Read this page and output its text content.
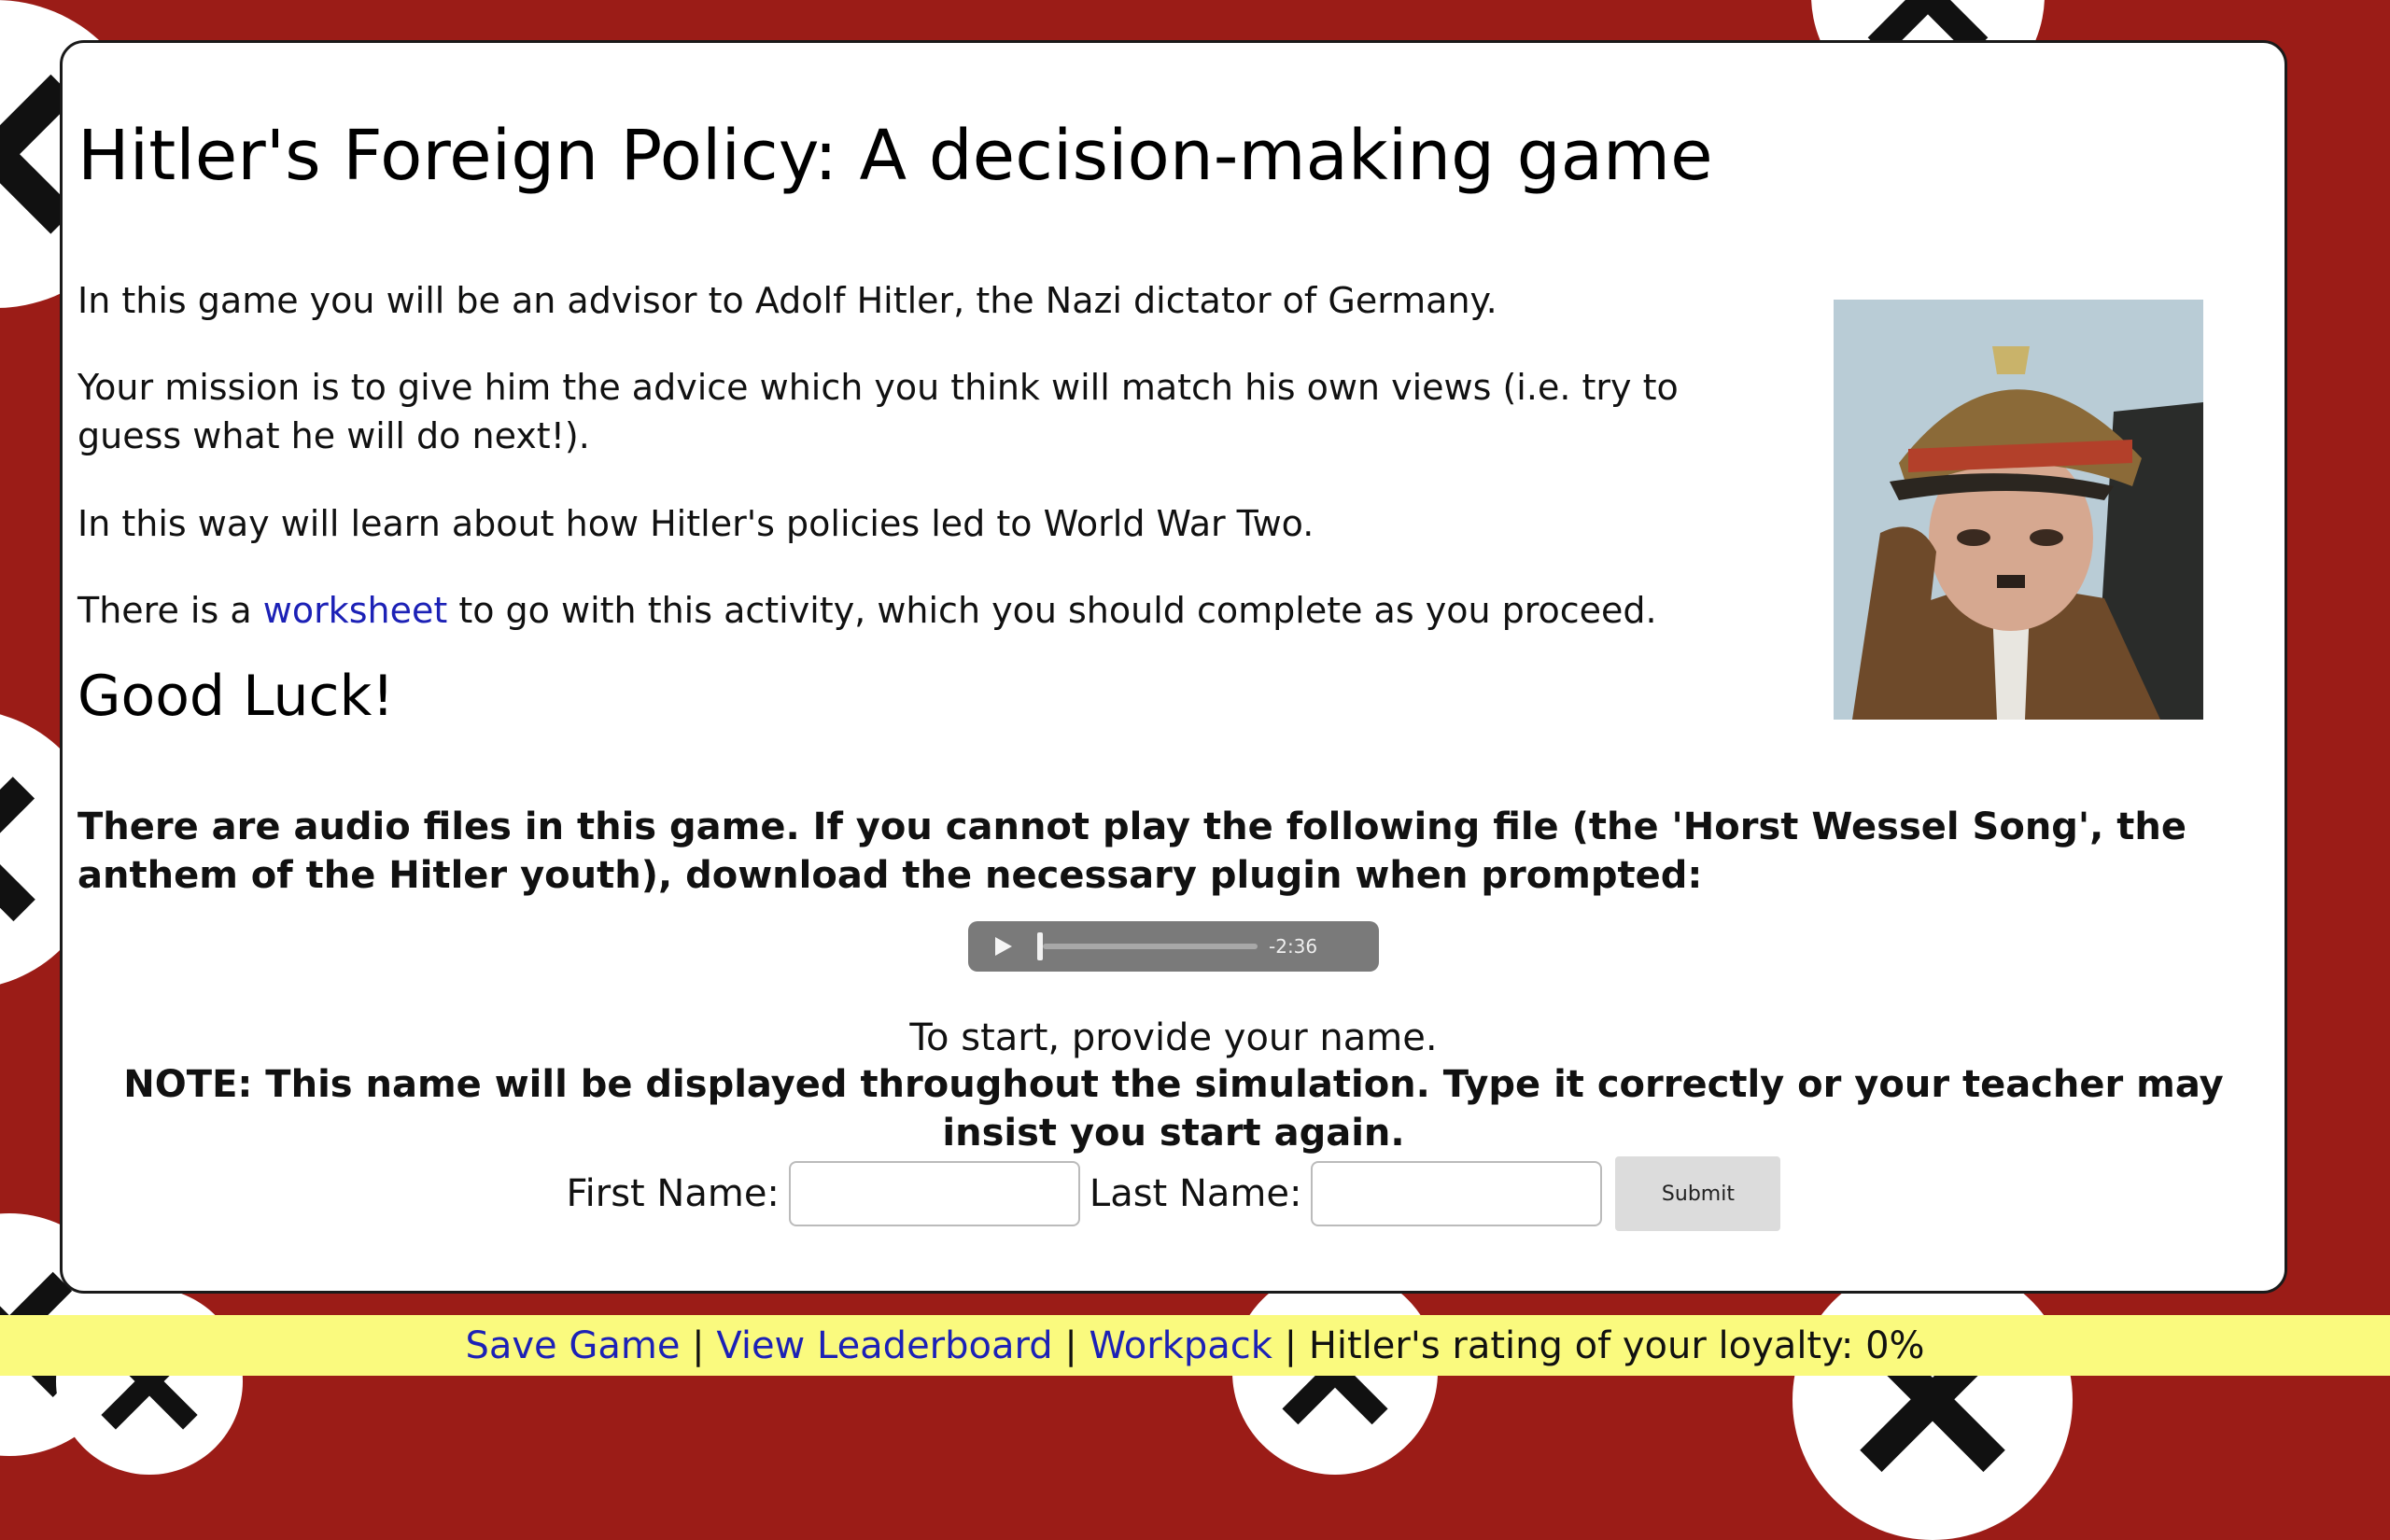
Hitler's Foreign Policy: A decision-making game

In this game you will be an advisor to Adolf Hitler, the Nazi dictator of Germany.

Your mission is to give him the advice which you think will match his own views (i.e. try to guess what he will do next!).

In this way will learn about how Hitler's policies led to World War Two.

There is a worksheet to go with this activity, which you should complete as you proceed.

Good Luck!

There are audio files in this game. If you cannot play the following file (the 'Horst Wessel Song', the anthem of the Hitler youth), download the necessary plugin when prompted:

-2:36

To start, provide your name.

NOTE: This name will be displayed throughout the simulation. Type it correctly or your teacher may insist you start again.

First Name:	Last Name:	Submit
Save Game | View Leaderboard | Workpack | Hitler's rating of your loyalty: 0%
